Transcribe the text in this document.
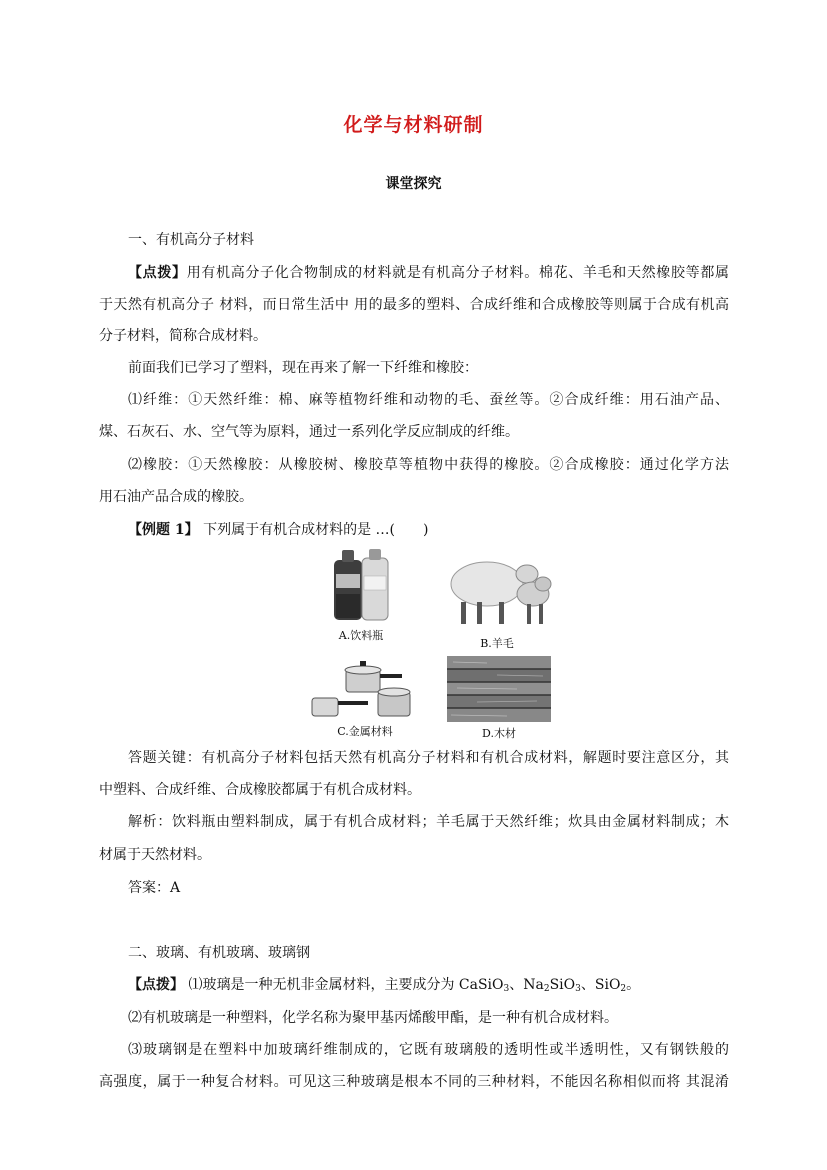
化学与材料研制
课堂探究
一、有机高分子材料
【点拨】用有机高分子化合物制成的材料就是有机高分子材料。棉花、羊毛和天然橡胶等都属
于天然有机高分子 材料，而日常生活中 用的最多的塑料、合成纤维和合成橡胶等则属于合成有机高
分子材料，简称合成材料。
前面我们已学习了塑料，现在再来了解一下纤维和橡胶：
⑴纤维：①天然纤维：棉、麻等植物纤维和动物的毛、蚕丝等。②合成纤维：用石油产品、
煤、石灰石、水、空气等为原料，通过一系列化学反应制成的纤维。
⑵橡胶：①天然橡胶：从橡胶树、橡胶草等植物中获得的橡胶。②合成橡胶：通过化学方法
用石油产品合成的橡胶。
【例题 1】 下列属于有机合成材料的是 …(　　)
A.饮料瓶
B.羊毛
C.金属材料	D.木材
答题关键：有机高分子材料包括天然有机高分子材料和有机合成材料，解题时要注意区分，其
中塑料、合成纤维、合成橡胶都属于有机合成材料。
解析：饮料瓶由塑料制成，属于有机合成材料；羊毛属于天然纤维；炊具由金属材料制成；木
材属于天然材料。
答案：A
二、玻璃、有机玻璃、玻璃钢
【点拨】 ⑴玻璃是一种无机非金属材料，主要成分为 CaSiO$_3$、$Na_2SiO_3$、SiO$_2$。
⑵有机玻璃是一种塑料，化学名称为聚甲基丙烯酸甲酯，是一种有机合成材料。
⑶玻璃钢是在塑料中加玻璃纤维制成的，它既有玻璃般的透明性或半透明性，又有钢铁般的
高强度，属于一种复合材料。可见这三种玻璃是根本不同的三种材料，不能因名称相似而将 其混淆
